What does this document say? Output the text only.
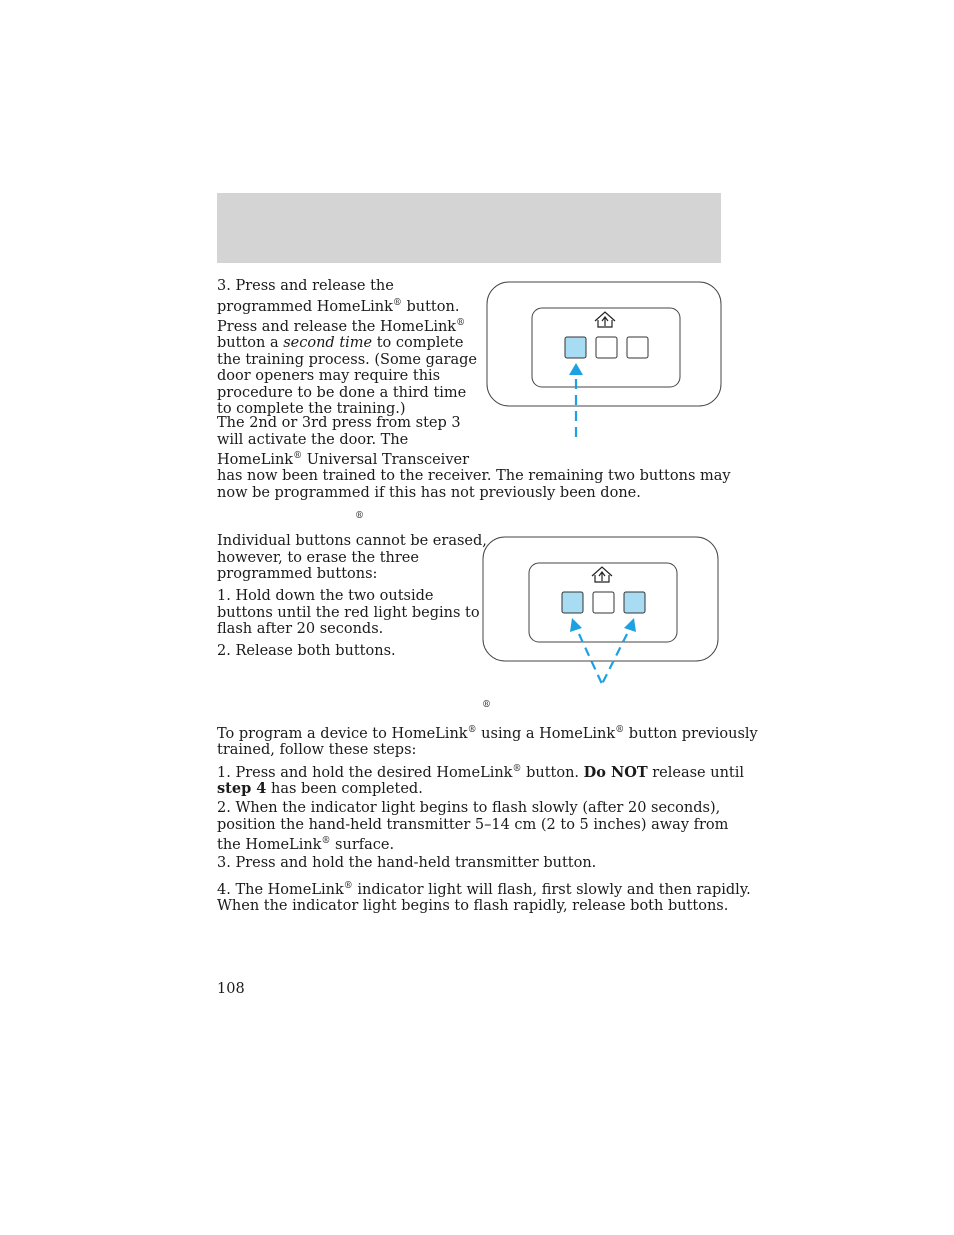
3. Press and release the
programmed HomeLink® button.
Press and release the HomeLink®
button a second time to complete
the training process. (Some garage
door openers may require this
procedure to be done a third time
to complete the training.)

The 2nd or 3rd press from step 3
will activate the door. The
HomeLink® Universal Transceiver
has now been trained to the receiver. The remaining two buttons may
now be programmed if this has not previously been done.

®

Individual buttons cannot be erased,
however, to erase the three
programmed buttons:

1. Hold down the two outside
buttons until the red light begins to
flash after 20 seconds.

2. Release both buttons.

®

To program a device to HomeLink® using a HomeLink® button previously
trained, follow these steps:

1. Press and hold the desired HomeLink® button. Do NOT release until
step 4 has been completed.

2. When the indicator light begins to flash slowly (after 20 seconds),
position the hand-held transmitter 5–14 cm (2 to 5 inches) away from
the HomeLink® surface.

3. Press and hold the hand-held transmitter button.

4. The HomeLink® indicator light will flash, first slowly and then rapidly.
When the indicator light begins to flash rapidly, release both buttons.

108
